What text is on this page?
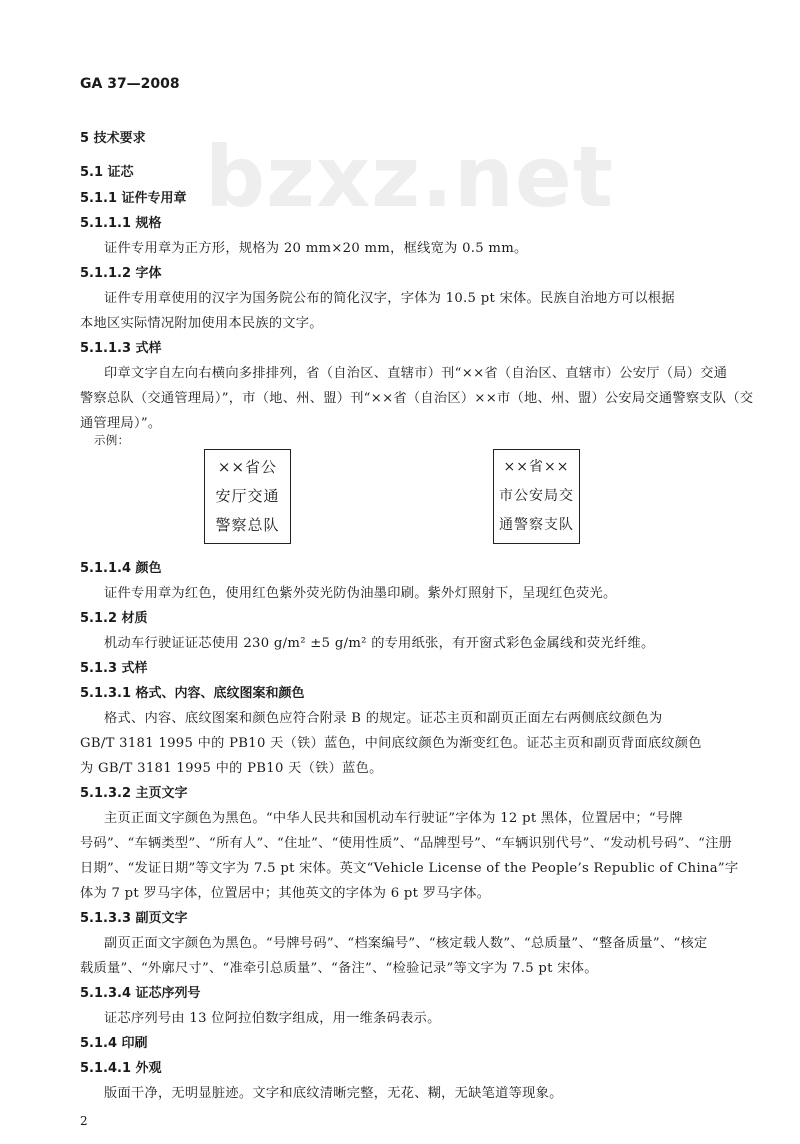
bzxz.net
GA 37—2008
5 技术要求
5.1 证芯
5.1.1 证件专用章
5.1.1.1 规格
证件专用章为正方形，规格为 20 mm×20 mm，框线宽为 0.5 mm。
5.1.1.2 字体
证件专用章使用的汉字为国务院公布的简化汉字，字体为 10.5 pt 宋体。民族自治地方可以根据
本地区实际情况附加使用本民族的文字。
5.1.1.3 式样
印章文字自左向右横向多排排列，省（自治区、直辖市）刊“××省（自治区、直辖市）公安厅（局）交通
警察总队（交通管理局）”，市（地、州、盟）刊“××省（自治区）××市（地、州、盟）公安局交通警察支队（交
通管理局）”。
示例：
××省公
安厅交通
警察总队
××省××
市公安局交
通警察支队
5.1.1.4 颜色
证件专用章为红色，使用红色紫外荧光防伪油墨印刷。紫外灯照射下，呈现红色荧光。
5.1.2 材质
机动车行驶证证芯使用 230 g/m² ±5 g/m² 的专用纸张，有开窗式彩色金属线和荧光纤维。
5.1.3 式样
5.1.3.1 格式、内容、底纹图案和颜色
格式、内容、底纹图案和颜色应符合附录 B 的规定。证芯主页和副页正面左右两侧底纹颜色为
GB/T 3181 1995 中的 PB10 天（铁）蓝色，中间底纹颜色为渐变红色。证芯主页和副页背面底纹颜色
为 GB/T 3181 1995 中的 PB10 天（铁）蓝色。
5.1.3.2 主页文字
主页正面文字颜色为黑色。“中华人民共和国机动车行驶证”字体为 12 pt 黑体，位置居中；“号牌
号码”、“车辆类型”、“所有人”、“住址”、“使用性质”、“品牌型号”、“车辆识别代号”、“发动机号码”、“注册
日期”、“发证日期”等文字为 7.5 pt 宋体。英文“Vehicle License of the People’s Republic of China”字
体为 7 pt 罗马字体，位置居中；其他英文的字体为 6 pt 罗马字体。
5.1.3.3 副页文字
副页正面文字颜色为黑色。“号牌号码”、“档案编号”、“核定载人数”、“总质量”、“整备质量”、“核定
载质量”、“外廓尺寸”、“准牵引总质量”、“备注”、“检验记录”等文字为 7.5 pt 宋体。
5.1.3.4 证芯序列号
证芯序列号由 13 位阿拉伯数字组成，用一维条码表示。
5.1.4 印刷
5.1.4.1 外观
版面干净，无明显脏迹。文字和底纹清晰完整，无花、糊，无缺笔道等现象。
2
